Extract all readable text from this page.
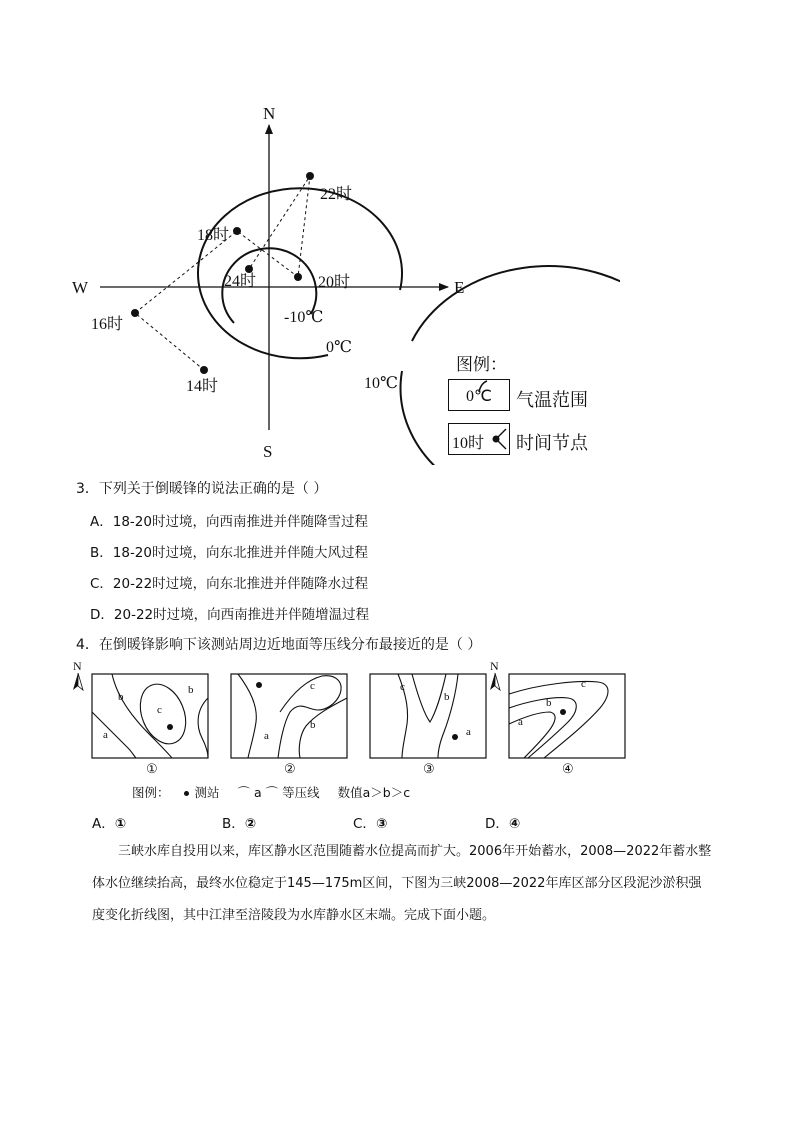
N
S
E
W
14时
16时
18时
20时
22时
24时
-10℃
0℃
10℃
图例：
0℃ 气温范围
10时 时间节点
3．下列关于倒暖锋的说法正确的是（ ）
A．18-20时过境，向西南推进并伴随降雪过程
B．18-20时过境，向东北推进并伴随大风过程
C．20-22时过境，向东北推进并伴随降水过程
D．20-22时过境，向西南推进并伴随增温过程
4．在倒暖锋影响下该测站周边近地面等压线分布最接近的是（ ）
N
b
b
c
a
c
b
a
c
b
a
N
c
b
a
①	②	③	④
图例： 测站 ⌒ a ⌒ 等压线 数值a＞b＞c
A．①	B．②	C．③	D．④
三峡水库自投用以来，库区静水区范围随蓄水位提高而扩大。2006年开始蓄水，2008—2022年蓄水整体水位继续抬高，最终水位稳定于145—175m区间，下图为三峡2008—2022年库区部分区段泥沙淤积强度变化折线图，其中江津至涪陵段为水库静水区末端。完成下面小题。
